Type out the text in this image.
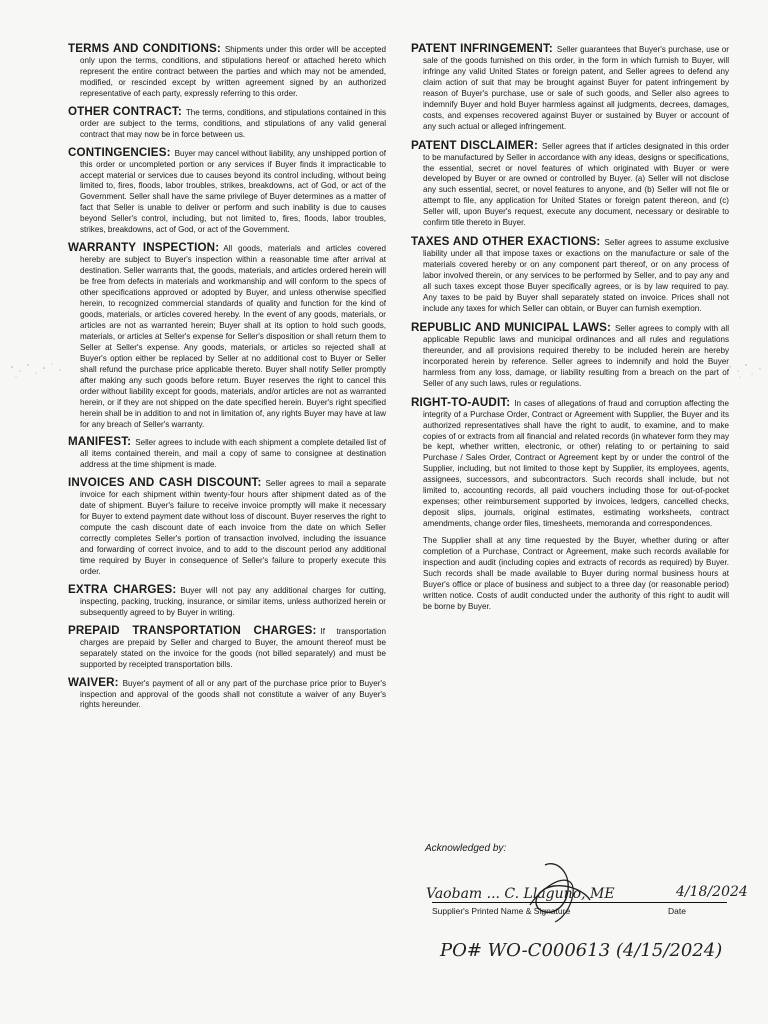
TERMS AND CONDITIONS: Shipments under this order will be accepted only upon the terms, conditions, and stipulations hereof or attached hereto which represent the entire contract between the parties and which may not be amended, modified, or rescinded except by written agreement signed by an authorized representative of each party, expressly referring to this order.

OTHER CONTRACT: The terms, conditions, and stipulations contained in this order are subject to the terms, conditions, and stipulations of any valid general contract that may now be in force between us.

CONTINGENCIES: Buyer may cancel without liability, any unshipped portion of this order or uncompleted portion or any services if Buyer finds it impracticable to accept material or services due to causes beyond its control including, without being limited to, fires, floods, labor troubles, strikes, breakdowns, act of God, or act of the Government. Seller shall have the same privilege of Buyer determines as a matter of fact that Seller is unable to deliver or perform and such inability is due to causes beyond Seller's control, including, but not limited to, fires, floods, labor troubles, strikes, breakdowns, act of God, or act of the Government.

WARRANTY INSPECTION: All goods, materials and articles covered hereby are subject to Buyer's inspection within a reasonable time after arrival at destination. Seller warrants that, the goods, materials, and articles ordered herein will be free from defects in materials and workmanship and will conform to the specs of other specifications approved or adopted by Buyer, and unless otherwise specified herein, to recognized commercial standards of quality and function for the kind of goods, materials, or articles covered hereby. In the event of any goods, materials, or articles are not as warranted herein; Buyer shall at its option to hold such goods, materials, or articles at Seller's expense for Seller's disposition or shall return them to Seller at Seller's expense. Any goods, materials, or articles so rejected shall at Buyer's option either be replaced by Seller at no additional cost to Buyer or Seller shall refund the purchase price applicable thereto. Buyer shall notify Seller promptly after making any such goods before return. Buyer reserves the right to cancel this order without liability except for goods, materials, and/or articles are not as warranted herein, or if they are not shipped on the date specified herein. Buyer's right specified herein shall be in addition to and not in limitation of, any rights Buyer may have at law for any breach of Seller's warranty.

MANIFEST: Seller agrees to include with each shipment a complete detailed list of all items contained therein, and mail a copy of same to consignee at destination address at the time shipment is made.

INVOICES AND CASH DISCOUNT: Seller agrees to mail a separate invoice for each shipment within twenty-four hours after shipment dated as of the date of shipment. Buyer's failure to receive invoice promptly will make it necessary for Buyer to extend payment date without loss of discount. Buyer reserves the right to compute the cash discount date of each invoice from the date on which Seller correctly completes Seller's portion of transaction involved, including the issuance and forwarding of correct invoice, and to add to the discount period any additional time required by Buyer in consequence of Seller's failure to properly execute this order.

EXTRA CHARGES: Buyer will not pay any additional charges for cutting, inspecting, packing, trucking, insurance, or similar items, unless authorized herein or subsequently agreed to by Buyer in writing.

PREPAID TRANSPORTATION CHARGES: If transportation charges are prepaid by Seller and charged to Buyer, the amount thereof must be separately stated on the invoice for the goods (not billed separately) and must be supported by receipted transportation bills.

WAIVER: Buyer's payment of all or any part of the purchase price prior to Buyer's inspection and approval of the goods shall not constitute a waiver of any Buyer's rights hereunder.

PATENT INFRINGEMENT: Seller guarantees that Buyer's purchase, use or sale of the goods furnished on this order, in the form in which furnish to Buyer, will infringe any valid United States or foreign patent, and Seller agrees to defend any claim action of suit that may be brought against Buyer for patent infringement by reason of Buyer's purchase, use or sale of such goods, and Seller also agrees to indemnify Buyer and hold Buyer harmless against all judgments, decrees, damages, costs, and expenses recovered against Buyer or sustained by Buyer or account of any such actual or alleged infringement.

PATENT DISCLAIMER: Seller agrees that if articles designated in this order to be manufactured by Seller in accordance with any ideas, designs or specifications, the essential, secret or novel features of which originated with Buyer or were developed by Buyer or are owned or controlled by Buyer. (a) Seller will not disclose any such essential, secret, or novel features to anyone, and (b) Seller will not file or attempt to file, any application for United States or foreign patent thereon, and (c) Seller will, upon Buyer's request, execute any document, necessary or desirable to confirm title thereto in Buyer.

TAXES AND OTHER EXACTIONS: Seller agrees to assume exclusive liability under all that impose taxes or exactions on the manufacture or sale of the materials covered hereby or on any component part thereof, or on any process of labor involved therein, or any services to be performed by Seller, and to pay any and all such taxes except those Buyer specifically agrees, or is by law required to pay. Any taxes to be paid by Buyer shall separately stated on invoice. Prices shall not include any taxes for which Seller can obtain, or Buyer can furnish exemption.

REPUBLIC AND MUNICIPAL LAWS: Seller agrees to comply with all applicable Republic laws and municipal ordinances and all rules and regulations thereunder, and all provisions required thereby to be included herein are hereby incorporated herein by reference. Seller agrees to indemnify and hold the Buyer harmless from any loss, damage, or liability resulting from a breach on the part of Seller of any such laws, rules or regulations.

RIGHT-TO-AUDIT: In cases of allegations of fraud and corruption affecting the integrity of a Purchase Order, Contract or Agreement with Supplier, the Buyer and its authorized representatives shall have the right to audit, to examine, and to make copies of or extracts from all financial and related records (in whatever form they may be kept, whether written, electronic, or other) relating to or pertaining to said Purchase / Sales Order, Contract or Agreement kept by or under the control of the Supplier, including, but not limited to those kept by Supplier, its employees, agents, assignees, successors, and subcontractors. Such records shall include, but not limited to, accounting records, all paid vouchers including those for out-of-pocket expenses; other reimbursement supported by invoices, ledgers, cancelled checks, deposit slips, journals, original estimates, estimating worksheets, contract amendments, change order files, timesheets, memoranda and correspondences.

The Supplier shall at any time requested by the Buyer, whether during or after completion of a Purchase, Contract or Agreement, make such records available for inspection and audit (including copies and extracts of records as required) by Buyer. Such records shall be made available to Buyer during normal business hours at Buyer's office or place of business and subject to a three day (or reasonable period) written notice. Costs of audit conducted under the authority of this right to audit will be borne by Buyer.

Acknowledged by:
Vaobam ... C. Llaguno, ME	4/18/2024
PO# WO-C000613 (4/15/2024)
Supplier's Printed Name & Signature	Date
